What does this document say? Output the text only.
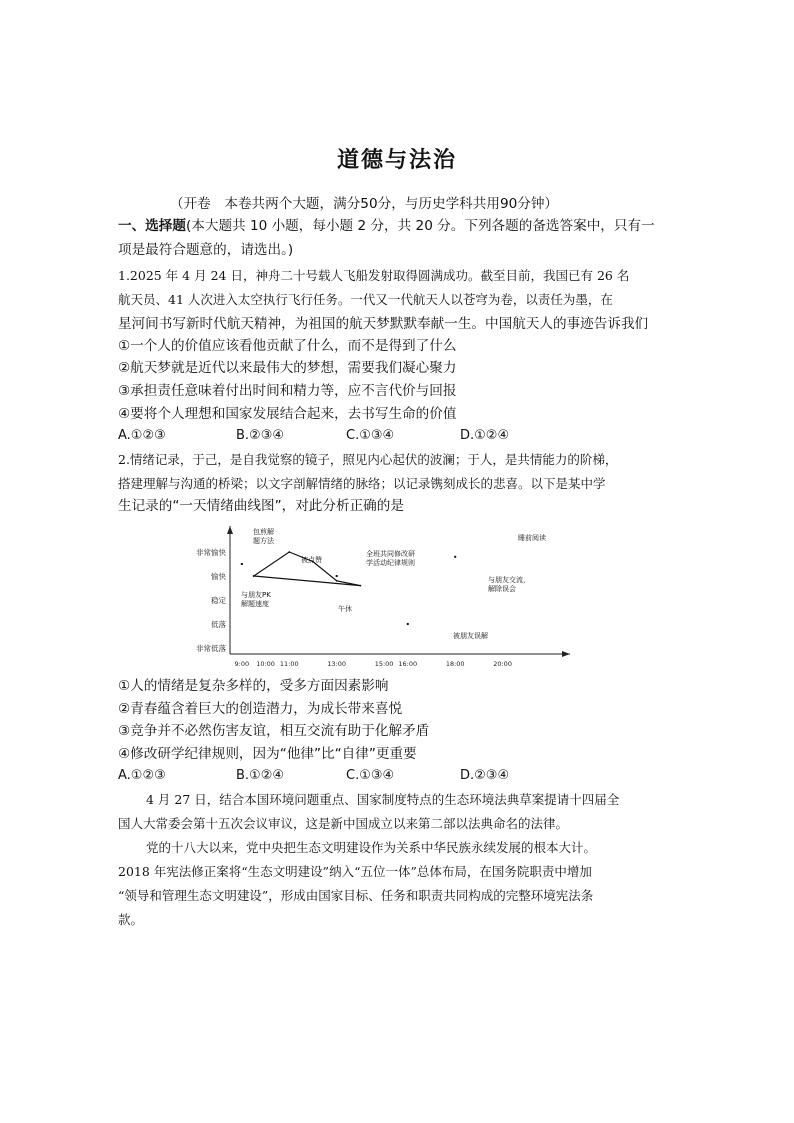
道德与法治
（开卷　本卷共两个大题，满分50分，与历史学科共用90分钟）
一、选择题(本大题共 10 小题，每小题 2 分，共 20 分。下列各题的备选答案中，只有一
项是最符合题意的，请选出。)
1.2025 年 4 月 24 日，神舟二十号载人飞船发射取得圆满成功。截至目前，我国已有 26 名
航天员、41 人次进入太空执行飞行任务。一代又一代航天人以苍穹为卷，以责任为墨，在
星河间书写新时代航天精神，为祖国的航天梦默默奉献一生。中国航天人的事迹告诉我们
①一个人的价值应该看他贡献了什么，而不是得到了什么
②航天梦就是近代以来最伟大的梦想，需要我们凝心聚力
③承担责任意味着付出时间和精力等，应不言代价与回报
④要将个人理想和国家发展结合起来，去书写生命的价值
A.①②③	B.②③④	C.①③④	D.①②④
2.情绪记录，于己，是自我觉察的镜子，照见内心起伏的波澜；于人，是共情能力的阶梯，
搭建理解与沟通的桥梁；以文字剖解情绪的脉络；以记录镌刻成长的悲喜。以下是某中学
生记录的“一天情绪曲线图”，对此分析正确的是
非常低落
低落
稳定
愉快
非常愉快
9:00 10:00 11:00	13:00	15:00 16:00	18:00	20:00
包煎解题方法
被点赞
全班共同修改研学活动纪律规则
睡前阅读
与朋友交流，解除误会
与朋友PK 解题速度
午休
被朋友误解
①人的情绪是复杂多样的，受多方面因素影响
②青春蕴含着巨大的创造潜力，为成长带来喜悦
③竞争并不必然伤害友谊，相互交流有助于化解矛盾
④修改研学纪律规则，因为“他律”比“自律”更重要
A.①②③	B.①②④	C.①③④	D.②③④
4 月 27 日，结合本国环境问题重点、国家制度特点的生态环境法典草案提请十四届全
国人大常委会第十五次会议审议，这是新中国成立以来第二部以法典命名的法律。
党的十八大以来，党中央把生态文明建设作为关系中华民族永续发展的根本大计。
2018 年宪法修正案将“生态文明建设”纳入“五位一体”总体布局，在国务院职责中增加
“领导和管理生态文明建设”，形成由国家目标、任务和职责共同构成的完整环境宪法条
款。
